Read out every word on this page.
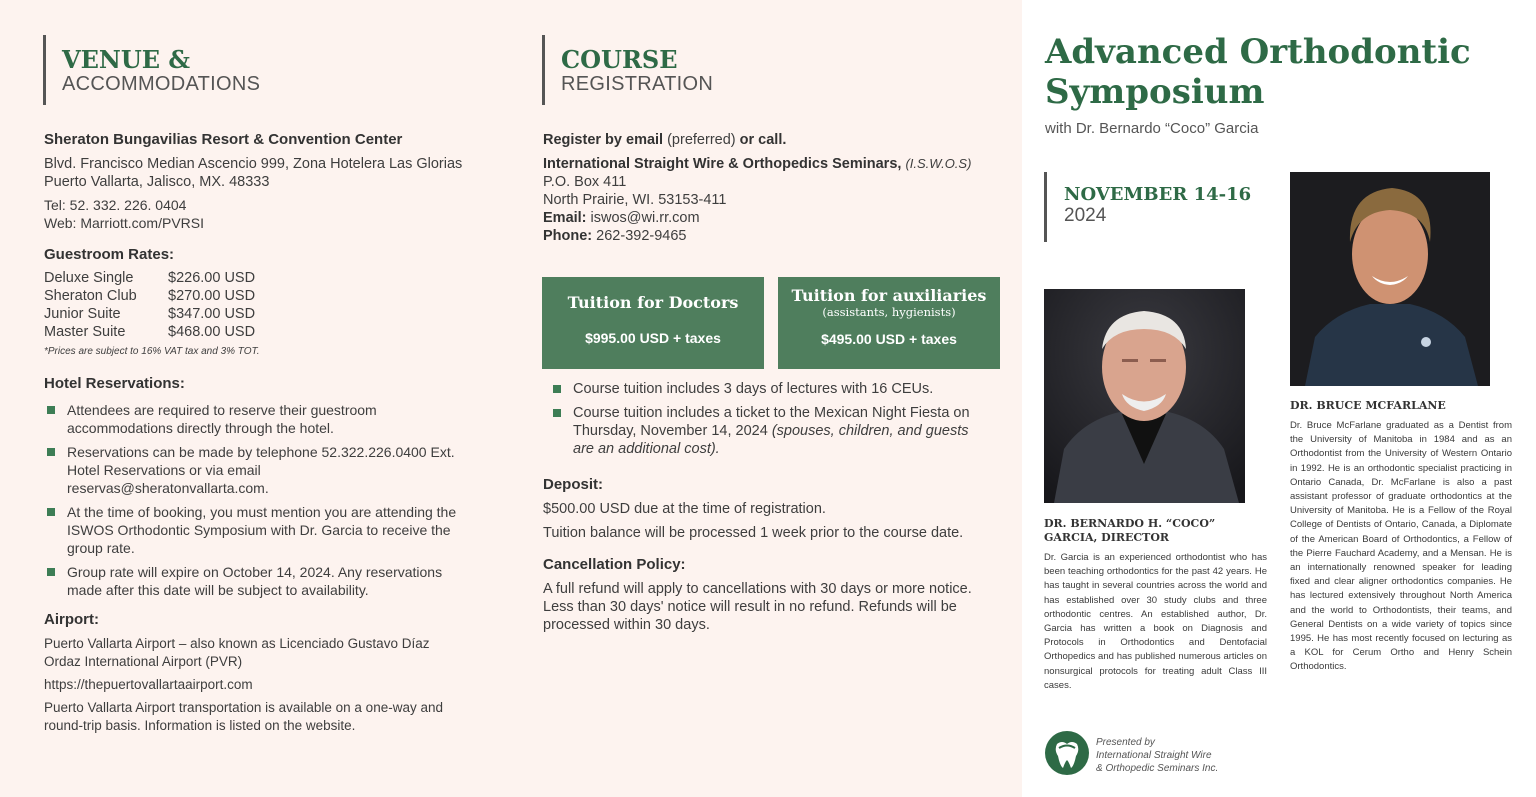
VENUE &
ACCOMMODATIONS
Sheraton Bungavilias Resort & Convention Center
Blvd. Francisco Median Ascencio 999, Zona Hotelera Las Glorias
Puerto Vallarta, Jalisco, MX. 48333
Tel: 52. 332. 226. 0404
Web: Marriott.com/PVRSI
Guestroom Rates:
Deluxe Single	$226.00 USD
Sheraton Club	$270.00 USD
Junior Suite	$347.00 USD
Master Suite	$468.00 USD
*Prices are subject to 16% VAT tax and 3% TOT.
Hotel Reservations:
Attendees are required to reserve their guestroom accommodations directly through the hotel.
Reservations can be made by telephone 52.322.226.0400 Ext. Hotel Reservations or via email reservas@sheratonvallarta.com.
At the time of booking, you must mention you are attending the ISWOS Orthodontic Symposium with Dr. Garcia to receive the group rate.
Group rate will expire on October 14, 2024. Any reservations made after this date will be subject to availability.
Airport:
Puerto Vallarta Airport – also known as Licenciado Gustavo Díaz Ordaz International Airport (PVR)
https://thepuertovallartaairport.com
Puerto Vallarta Airport transportation is available on a one-way and round-trip basis. Information is listed on the website.
COURSE
REGISTRATION
Register by email (preferred) or call.
International Straight Wire & Orthopedics Seminars, (I.S.W.O.S)
P.O. Box 411
North Prairie, WI. 53153-411
Email: iswos@wi.rr.com
Phone: 262-392-9465
Tuition for Doctors
$995.00 USD + taxes
Tuition for auxiliaries
(assistants, hygienists)
$495.00 USD + taxes
Course tuition includes 3 days of lectures with 16 CEUs.
Course tuition includes a ticket to the Mexican Night Fiesta on Thursday, November 14, 2024 (spouses, children, and guests are an additional cost).
Deposit:
$500.00 USD due at the time of registration.
Tuition balance will be processed 1 week prior to the course date.
Cancellation Policy:
A full refund will apply to cancellations with 30 days or more notice. Less than 30 days' notice will result in no refund. Refunds will be processed within 30 days.
Advanced Orthodontic
Symposium
with Dr. Bernardo “Coco” Garcia
NOVEMBER 14-16
2024
DR. BERNARDO H. “COCO”
GARCIA, DIRECTOR
Dr. Garcia is an experienced orthodontist who has been teaching orthodontics for the past 42 years. He has taught in several countries across the world and has established over 30 study clubs and three orthodontic centres. An established author, Dr. Garcia has written a book on Diagnosis and Protocols in Orthodontics and Dentofacial Orthopedics and has published numerous articles on nonsurgical protocols for treating adult Class III cases.
DR. BRUCE MCFARLANE
Dr. Bruce McFarlane graduated as a Dentist from the University of Manitoba in 1984 and as an Orthodontist from the University of Western Ontario in 1992. He is an orthodontic specialist practicing in Ontario Canada, Dr. McFarlane is also a past assistant professor of graduate orthodontics at the University of Manitoba. He is a Fellow of the Royal College of Dentists of Ontario, Canada, a Diplomate of the American Board of Orthodontics, a Fellow of the Pierre Fauchard Academy, and a Mensan. He is an internationally renowned speaker for leading fixed and clear aligner orthodontics companies. He has lectured extensively throughout North America and the world to Orthodontists, their teams, and General Dentists on a wide variety of topics since 1995. He has most recently focused on lecturing as a KOL for Cerum Ortho and Henry Schein Orthodontics.
Presented by
International Straight Wire
& Orthopedic Seminars Inc.
